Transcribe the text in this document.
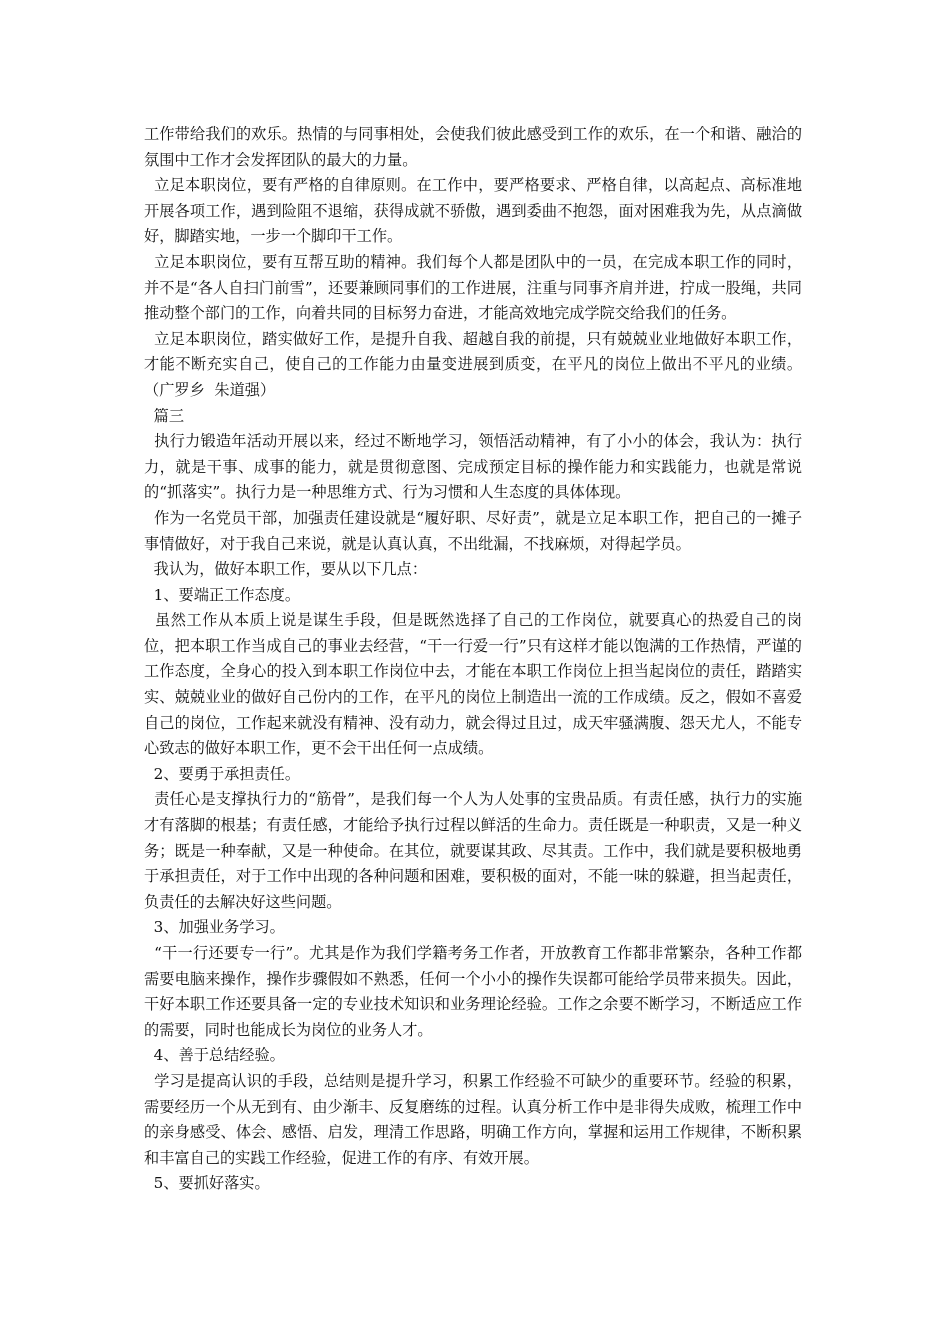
工作带给我们的欢乐。热情的与同事相处，会使我们彼此感受到工作的欢乐，在一个和谐、融洽的氛围中工作才会发挥团队的最大的力量。

立足本职岗位，要有严格的自律原则。在工作中，要严格要求、严格自律，以高起点、高标准地开展各项工作，遇到险阻不退缩，获得成就不骄傲，遇到委曲不抱怨，面对困难我为先，从点滴做好，脚踏实地，一步一个脚印干工作。

立足本职岗位，要有互帮互助的精神。我们每个人都是团队中的一员，在完成本职工作的同时，并不是“各人自扫门前雪”，还要兼顾同事们的工作进展，注重与同事齐肩并进，拧成一股绳，共同推动整个部门的工作，向着共同的目标努力奋进，才能高效地完成学院交给我们的任务。

立足本职岗位，踏实做好工作，是提升自我、超越自我的前提，只有兢兢业业地做好本职工作，才能不断充实自己，使自己的工作能力由量变进展到质变，在平凡的岗位上做出不平凡的业绩。（广罗乡  朱道强）

篇三

执行力锻造年活动开展以来，经过不断地学习，领悟活动精神，有了小小的体会，我认为：执行力，就是干事、成事的能力，就是贯彻意图、完成预定目标的操作能力和实践能力，也就是常说的“抓落实”。执行力是一种思维方式、行为习惯和人生态度的具体体现。

作为一名党员干部，加强责任建设就是“履好职、尽好责”，就是立足本职工作，把自己的一摊子事情做好，对于我自己来说，就是认真认真，不出纰漏，不找麻烦，对得起学员。

我认为，做好本职工作，要从以下几点：

1、要端正工作态度。

虽然工作从本质上说是谋生手段，但是既然选择了自己的工作岗位，就要真心的热爱自己的岗位，把本职工作当成自己的事业去经营，“干一行爱一行”只有这样才能以饱满的工作热情，严谨的工作态度，全身心的投入到本职工作岗位中去，才能在本职工作岗位上担当起岗位的责任，踏踏实实、兢兢业业的做好自己份内的工作，在平凡的岗位上制造出一流的工作成绩。反之，假如不喜爱自己的岗位，工作起来就没有精神、没有动力，就会得过且过，成天牢骚满腹、怨天尤人，不能专心致志的做好本职工作，更不会干出任何一点成绩。

2、要勇于承担责任。

责任心是支撑执行力的“筋骨”，是我们每一个人为人处事的宝贵品质。有责任感，执行力的实施才有落脚的根基；有责任感，才能给予执行过程以鲜活的生命力。责任既是一种职责，又是一种义务；既是一种奉献，又是一种使命。在其位，就要谋其政、尽其责。工作中，我们就是要积极地勇于承担责任，对于工作中出现的各种问题和困难，要积极的面对，不能一味的躲避，担当起责任，负责任的去解决好这些问题。

3、加强业务学习。

“干一行还要专一行”。尤其是作为我们学籍考务工作者，开放教育工作都非常繁杂，各种工作都需要电脑来操作，操作步骤假如不熟悉，任何一个小小的操作失误都可能给学员带来损失。因此，干好本职工作还要具备一定的专业技术知识和业务理论经验。工作之余要不断学习，不断适应工作的需要，同时也能成长为岗位的业务人才。

4、善于总结经验。

学习是提高认识的手段，总结则是提升学习，积累工作经验不可缺少的重要环节。经验的积累，需要经历一个从无到有、由少渐丰、反复磨练的过程。认真分析工作中是非得失成败，梳理工作中的亲身感受、体会、感悟、启发，理清工作思路，明确工作方向，掌握和运用工作规律，不断积累和丰富自己的实践工作经验，促进工作的有序、有效开展。

5、要抓好落实。
